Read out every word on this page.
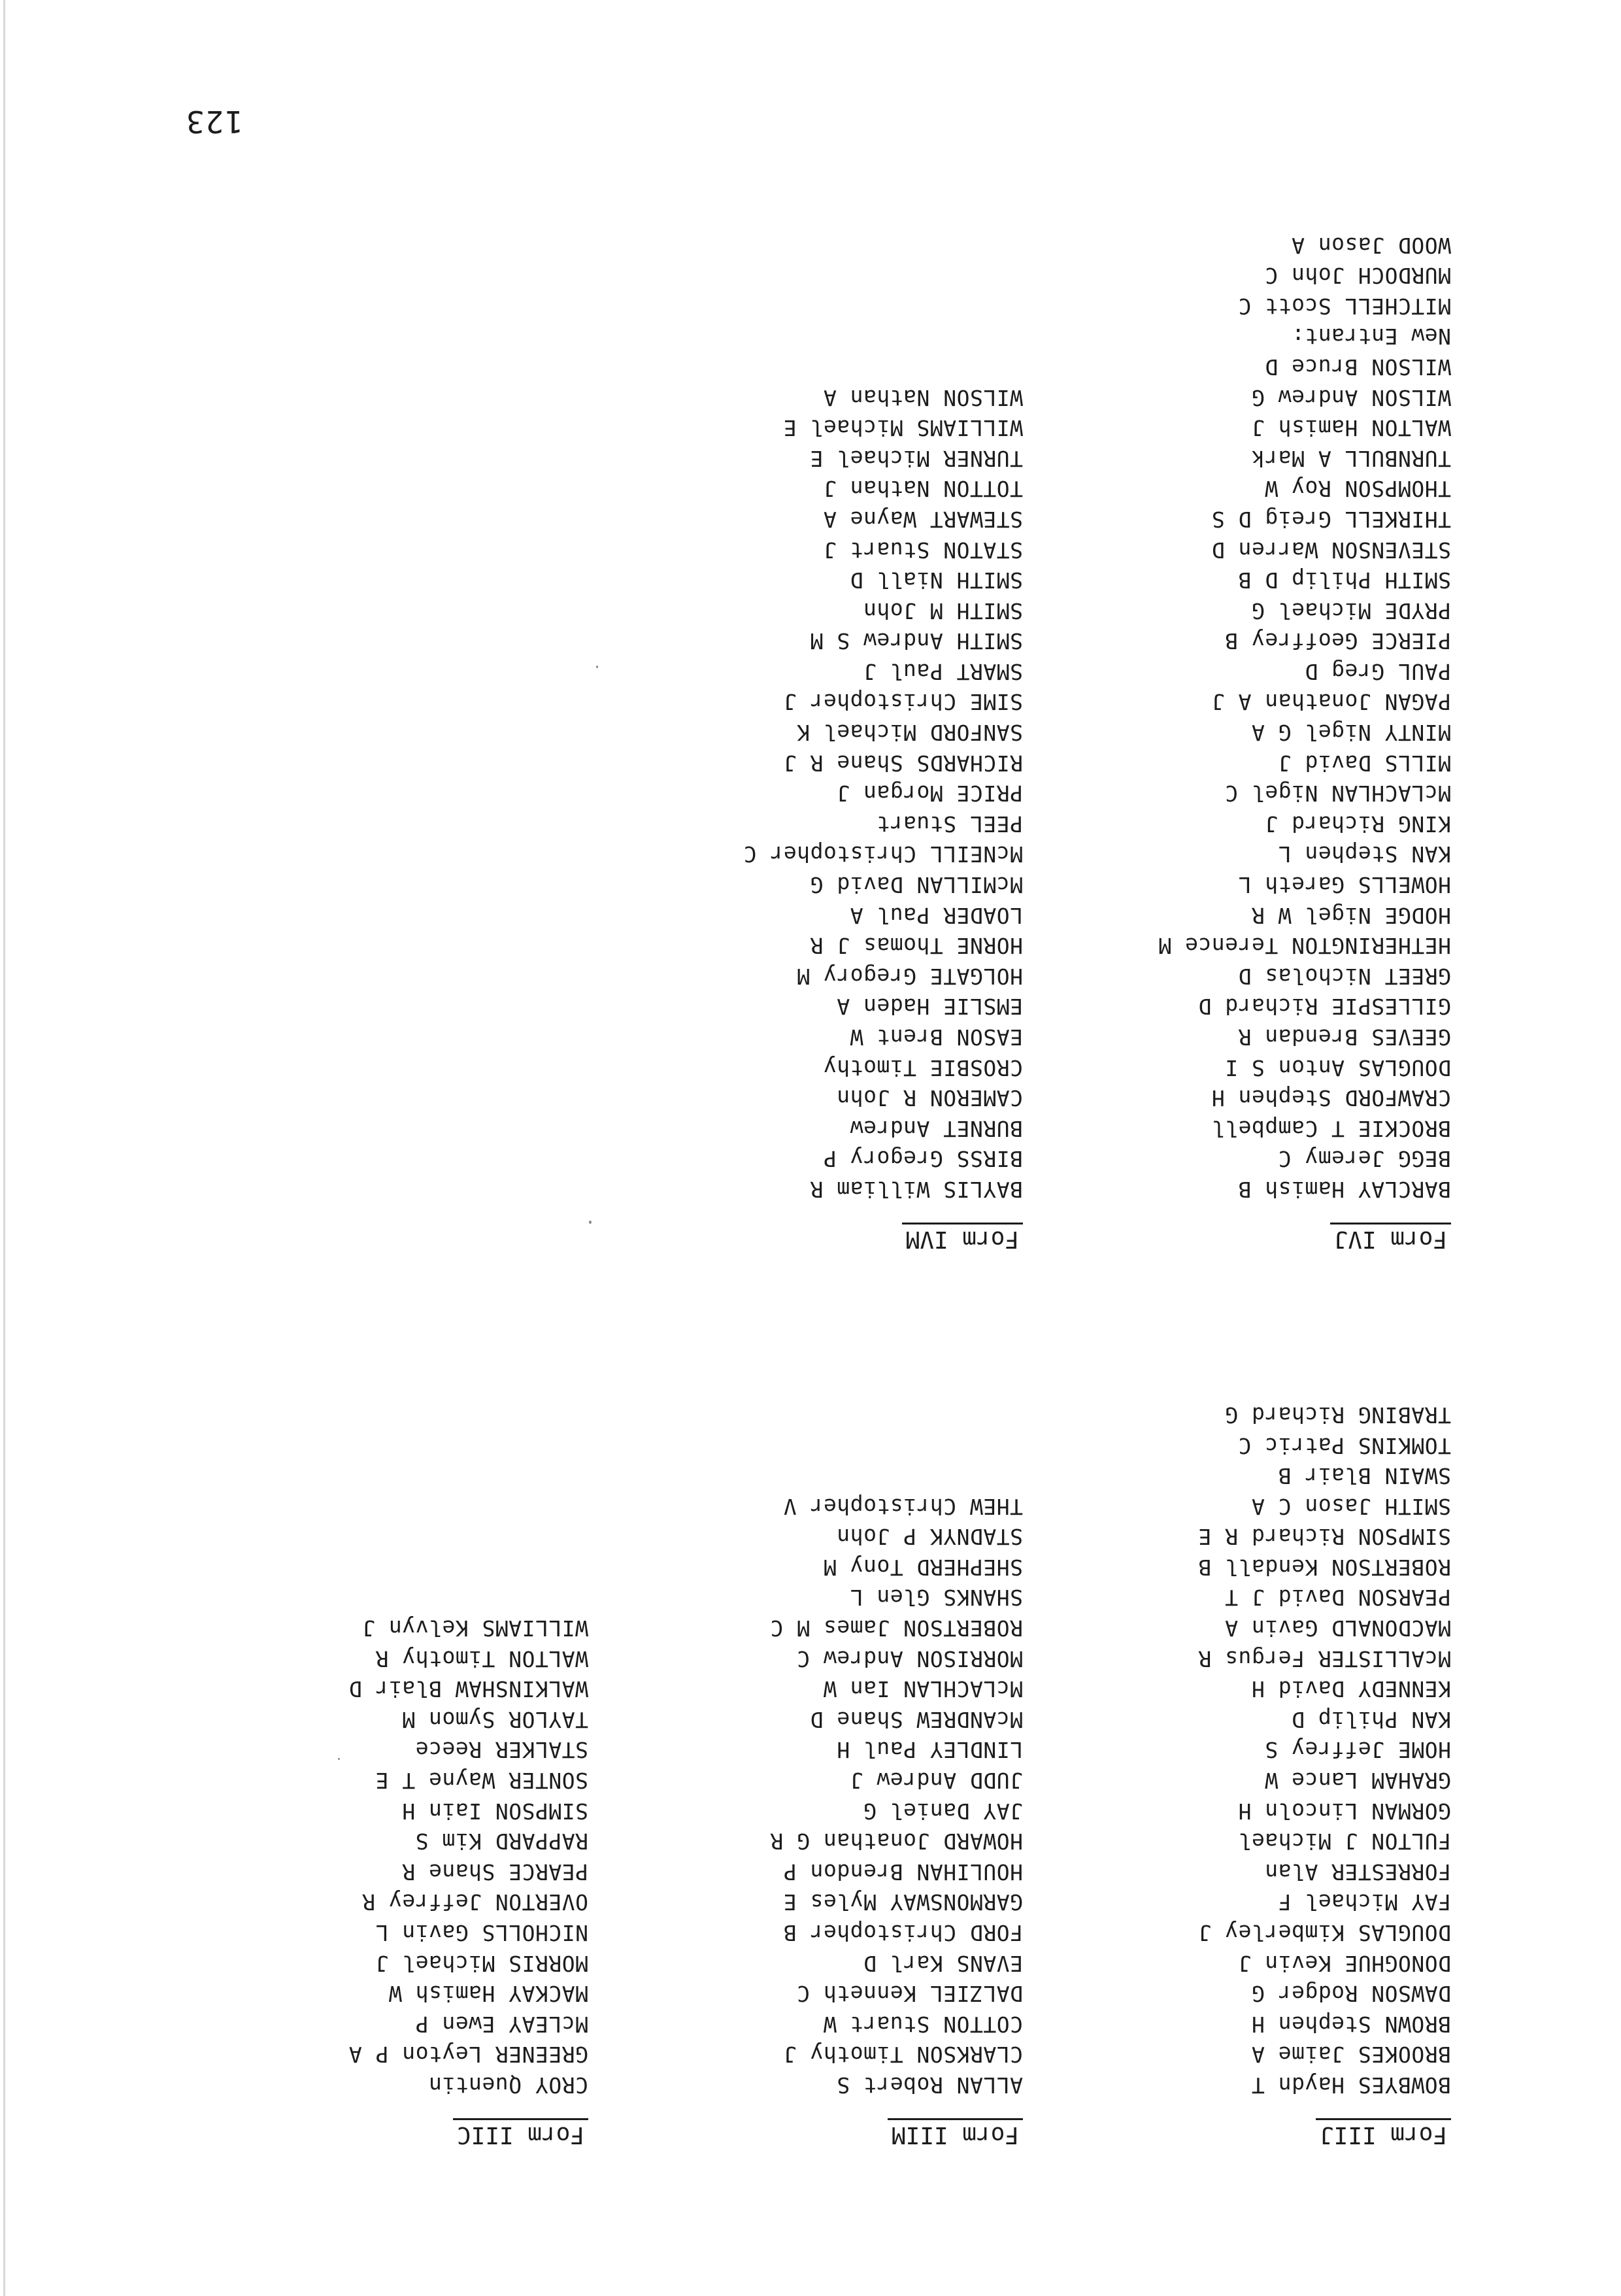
Form IIIJ
BOWBYES Haydn T
BROOKES Jaime A
BROWN Stephen H
DAWSON Rodger G
DONOGHUE Kevin J
DOUGLAS Kimberley J
FAY Michael F
FORRESTER Alan
FULTON J Michael
GORMAN Lincoln H
GRAHAM Lance W
HOME Jeffrey S
KAN Philip D
KENNEDY David H
McALLISTER Fergus R
MACDONALD Gavin A
PEARSON David J T
ROBERTSON Kendall B
SIMPSON Richard R E
SMITH Jason C A
SWAIN Blair B
TOMKINS Patric C
TRABING Richard G
Form IIIM
ALLAN Robert S
CLARKSON Timothy J
COTTON Stuart W
DALZIEL Kenneth C
EVANS Karl D
FORD Christopher B
GARMONSWAY Myles E
HOULIHAN Brendon P
HOWARD Jonathan G R
JAY Daniel G
JUDD Andrew J
LINDLEY Paul H
McANDREW Shane D
McLACHLAN Ian W
MORRISON Andrew C
ROBERTSON James M C
SHANKS Glen L
SHEPHERD Tony M
STADNYK P John
THEW Christopher V
Form IIIC
CROY Quentin
GREENER Leyton P A
McLEAY Ewen P
MACKAY Hamish W
MORRIS Michael J
NICHOLLS Gavin L
OVERTON Jeffrey R
PEARCE Shane R
RAPPARD Kim S
SIMPSON Iain H
SONTER Wayne T E
STALKER Reece
TAYLOR Symon M
WALKINSHAW Blair D
WALTON Timothy R
WILLIAMS Kelvyn J
Form IVJ
BARCLAY Hamish B
BEGG Jeremy C
BROCKIE T Campbell
CRAWFORD Stephen H
DOUGLAS Anton S I
GEEVES Brendan R
GILLESPIE Richard D
GREET Nicholas D
HETHERINGTON Terence M
HODGE Nigel W R
HOWELLS Gareth L
KAN Stephen L
KING Richard J
McLACHLAN Nigel C
MILLS David J
MINTY Nigel G A
PAGAN Jonathan A J
PAUL Greg D
PIERCE Geoffrey B
PRYDE Michael G
SMITH Philip D B
STEVENSON Warren D
THIRKELL Greig D S
THOMPSON Roy W
TURNBULL A Mark
WALTON Hamish J
WILSON Andrew G
WILSON Bruce D
New Entrant:
MITCHELL Scott C
MURDOCH John C
WOOD Jason A
Form IVM
BAYLIS William R
BIRSS Gregory P
BURNET Andrew
CAMERON R John
CROSBIE Timothy
EASON Brent W
EMSLIE Haden A
HOLGATE Gregory M
HORNE Thomas J R
LOADER Paul A
McMILLAN David G
McNEILL Christopher C
PEEL Stuart
PRICE Morgan J
RICHARDS Shane R J
SANFORD Michael K
SIME Christopher J
SMART Paul J
SMITH Andrew S M
SMITH M John
SMITH Niall D
STATON Stuart J
STEWART Wayne A
TOTTON Nathan J
TURNER Michael E
WILLIAMS Michael E
WILSON Nathan A
123
